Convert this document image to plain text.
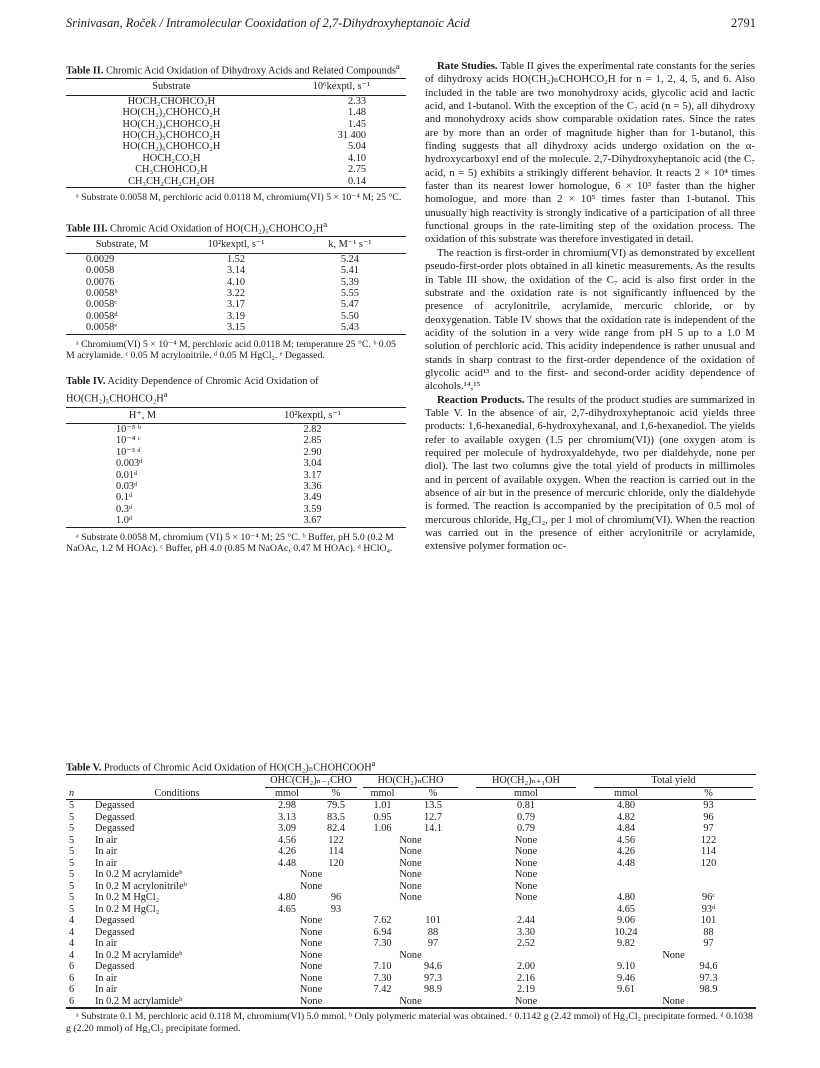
Srinivasan, Roček / Intramolecular Cooxidation of 2,7-Dihydroxyheptanoic Acid	2791

Table II. Chromic Acid Oxidation of Dihydroxy Acids and Related Compounds$^a$

Substrate	10⁶kexptl, s⁻¹
HOCH₂CHOHCO₂H	2.33
HO(CH₂)₂CHOHCO₂H	1.48
HO(CH₂)₄CHOHCO₂H	1.45
HO(CH₂)₅CHOHCO₂H	31 400
HO(CH₂)₆CHOHCO₂H	5.04
HOCH₂CO₂H	4.10
CH₃CHOHCO₂H	2.75
CH₃CH₂CH₂CH₂OH	0.14

ᵃ Substrate 0.0058 M, perchloric acid 0.0118 M, chromium(VI) 5 × 10⁻⁴ M; 25 °C.

Table III. Chromic Acid Oxidation of $HO(CH_2)_5CHOHCO_2H^a$

Substrate, M	10²kexptl, s⁻¹	k, M⁻¹ s⁻¹
0.0029	1.52	5.24
0.0058	3.14	5.41
0.0076	4.10	5.39
0.0058ᵇ	3.22	5.55
0.0058ᶜ	3.17	5.47
0.0058ᵈ	3.19	5.50
0.0058ᵉ	3.15	5.43

ᵃ Chromium(VI) 5 × 10⁻⁴ M, perchloric acid 0.0118 M; temperature 25 °C. ᵇ 0.05 M acrylamide. ᶜ 0.05 M acrylonitrile. ᵈ 0.05 M HgCl₂. ᵉ Degassed.

Table IV. Acidity Dependence of Chromic Acid Oxidation of $HO(CH_2)_5CHOHCO_2H^a$

H⁺, M	10²kexptl, s⁻¹
10⁻⁵ ᵇ	2.82
10⁻⁴ ᶜ	2.85
10⁻³ ᵈ	2.90
0.003ᵈ	3.04
0.01ᵈ	3.17
0.03ᵈ	3.36
0.1ᵈ	3.49
0.3ᵈ	3.59
1.0ᵈ	3.67

ᵃ Substrate 0.0058 M, chromium (VI) 5 × 10⁻⁴ M; 25 °C. ᵇ Buffer, pH 5.0 (0.2 M NaOAc, 1.2 M HOAc). ᶜ Buffer, pH 4.0 (0.85 M NaOAc, 0.47 M HOAc). ᵈ HClO₄.

Rate Studies. Table II gives the experimental rate constants for the series of dihydroxy acids HO(CH₂)ₙCHOHCO₂H for n = 1, 2, 4, 5, and 6. Also included in the table are two monohydroxy acids, glycolic acid and lactic acid, and 1-butanol. With the exception of the C₇ acid (n = 5), all dihydroxy and monohydroxy acids show comparable oxidation rates. Since the rates are by more than an order of magnitude higher than for 1-butanol, this finding suggests that all dihydroxy acids undergo oxidation on the α-hydroxycarboxyl end of the molecule. 2,7-Dihydroxyheptanoic acid (the C₇ acid, n = 5) exhibits a strikingly different behavior. It reacts 2 × 10⁴ times faster than its nearest lower homologue, 6 × 10³ faster than the higher homologue, and more than 2 × 10⁵ times faster than 1-butanol. This unusually high reactivity is strongly indicative of a participation of all three functional groups in the rate-limiting step of the oxidation process. The oxidation of this substrate was therefore investigated in detail.

The reaction is first-order in chromium(VI) as demonstrated by excellent pseudo-first-order plots obtained in all kinetic measurements. As the results in Table III show, the oxidation of the C₇ acid is also first order in the substrate and the oxidation rate is not significantly influenced by the presence of acrylonitrile, acrylamide, mercuric chloride, or by deoxygenation. Table IV shows that the oxidation rate is independent of the acidity of the solution in a very wide range from pH 5 up to a 1.0 M solution of perchloric acid. This acidity independence is rather unusual and stands in sharp contrast to the first-order dependence of the oxidation of glycolic acid¹³ and to the first- and second-order acidity dependence of alcohols.¹⁴,¹⁵

Reaction Products. The results of the product studies are summarized in Table V. In the absence of air, 2,7-dihydroxyheptanoic acid yields three products: 1,6-hexanedial, 6-hydroxyhexanal, and 1,6-hexanediol. The yields refer to available oxygen (1.5 per chromium(VI)) (one oxygen atom is required per molecule of hydroxyaldehyde, two per dialdehyde, none per diol). The last two columns give the total yield of products in millimoles and in percent of available oxygen. When the reaction is carried out in the absence of air but in the presence of mercuric chloride, only the dialdehyde is formed. The reaction is accompanied by the precipitation of 0.5 mol of mercurous chloride, Hg₂Cl₂, per 1 mol of chromium(VI). When the reaction was carried out in the presence of either acrylonitrile or acrylamide, extensive polymer formation oc-

Table V. Products of Chromic Acid Oxidation of HO(CH₂)ₙCHOHCOOH$^a$

		OHC(CH₂)ₙ₋₁CHO		HO(CH₂)ₙCHO		HO(CH₂)ₙ₊₁OH	Total yield	
n	Conditions	mmol	%	mmol	%	mmol	mmol	%
5	Degassed	2.98	79.5	1.01	13.5	0.81	4.80	93
5	Degassed	3.13	83.5	0.95	12.7	0.79	4.82	96
5	Degassed	3.09	82.4	1.06	14.1	0.79	4.84	97
5	In air	4.56	122	None		None	4.56	122
5	In air	4.26	114	None		None	4.26	114
5	In air	4.48	120	None		None	4.48	120
5	In 0.2 M acrylamideᵇ	None		None		None		
5	In 0.2 M acrylonitrileᵇ	None		None		None		
5	In 0.2 M HgCl₂	4.80	96	None		None	4.80	96ᶜ
5	In 0.2 M HgCl₂	4.65	93				4.65	93ᵈ
4	Degassed	None		7.62	101	2.44	9.06	101
4	Degassed	None		6.94	88	3.30	10.24	88
4	In air	None		7.30	97	2.52	9.82	97
4	In 0.2 M acrylamideᵇ	None		None			None	
6	Degassed	None		7.10	94.6	2.00	9.10	94.6
6	In air	None		7.30	97.3	2.16	9.46	97.3
6	In air	None		7.42	98.9	2.19	9.61	98.9
6	In 0.2 M acrylamideᵇ	None		None		None	None	

ᵃ Substrate 0.1 M, perchloric acid 0.118 M, chromium(VI) 5.0 mmol. ᵇ Only polymeric material was obtained. ᶜ 0.1142 g (2.42 mmol) of Hg₂Cl₂ precipitate formed. ᵈ 0.1038 g (2.20 mmol) of Hg₂Cl₂ precipitate formed.
